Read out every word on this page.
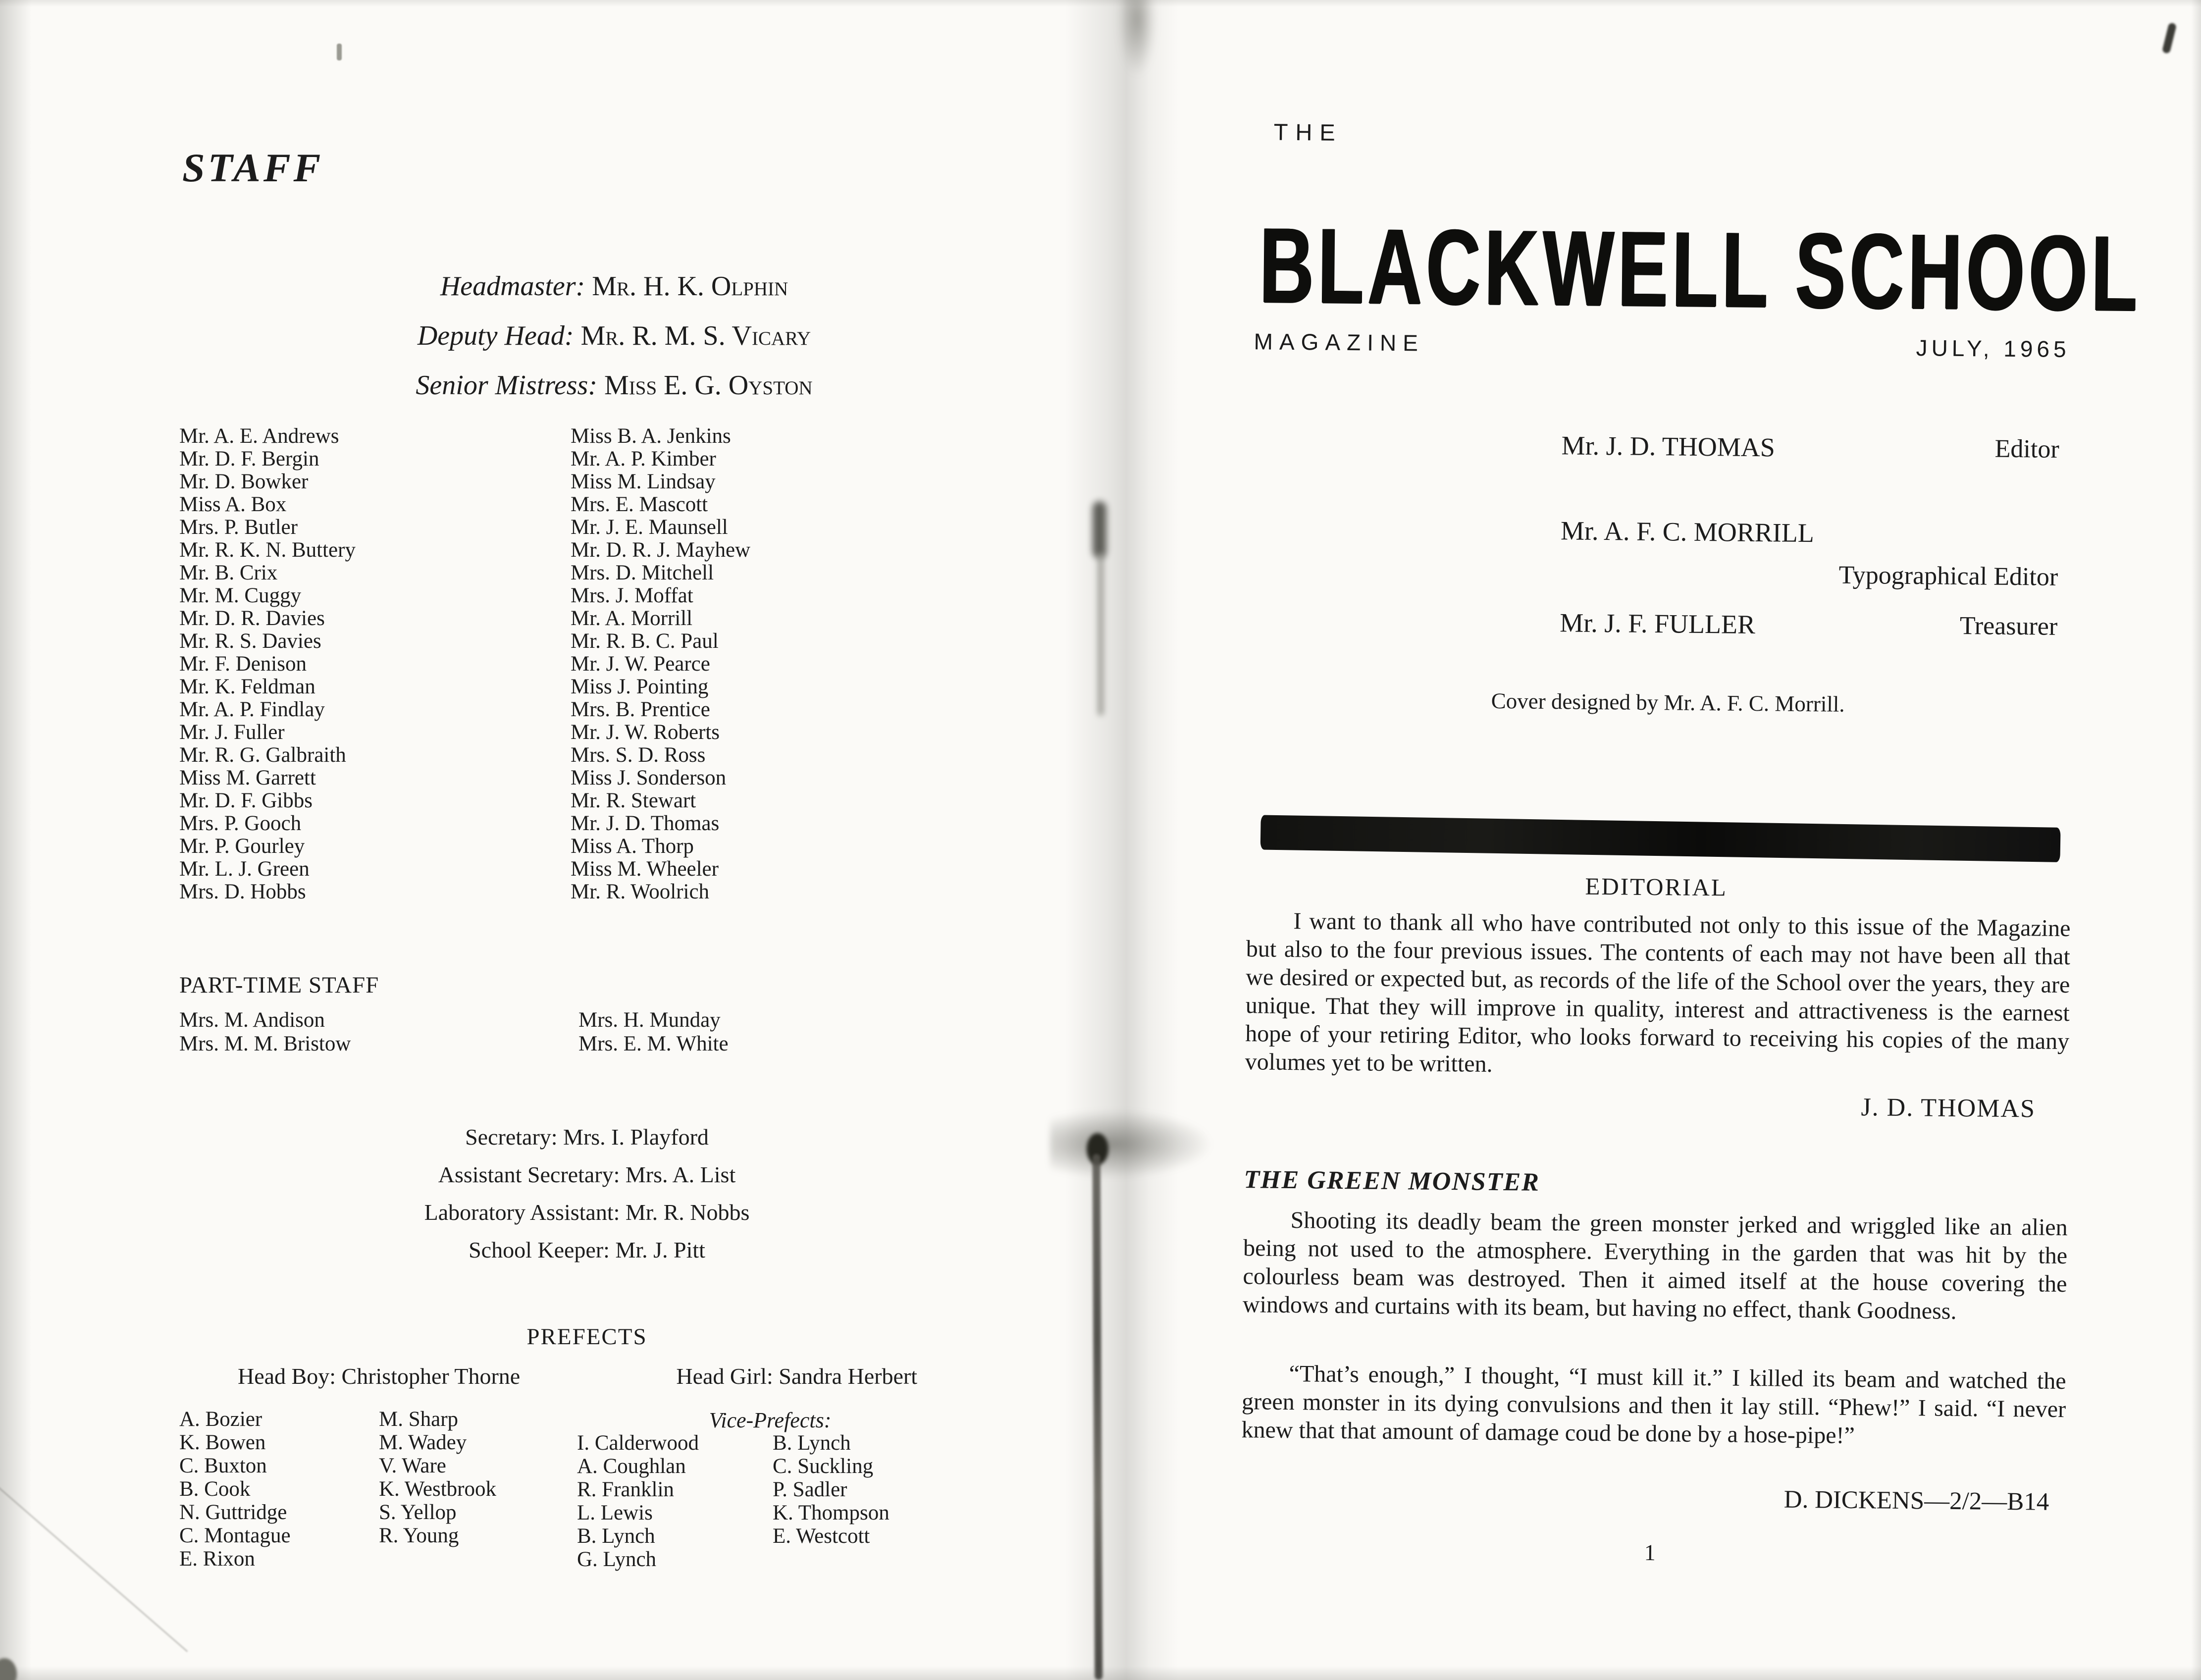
STAFF
Headmaster: Mr. H. K. Olphin
Deputy Head: Mr. R. M. S. Vicary
Senior Mistress: Miss E. G. Oyston
Mr. A. E. Andrews
Mr. D. F. Bergin
Mr. D. Bowker
Miss A. Box
Mrs. P. Butler
Mr. R. K. N. Buttery
Mr. B. Crix
Mr. M. Cuggy
Mr. D. R. Davies
Mr. R. S. Davies
Mr. F. Denison
Mr. K. Feldman
Mr. A. P. Findlay
Mr. J. Fuller
Mr. R. G. Galbraith
Miss M. Garrett
Mr. D. F. Gibbs
Mrs. P. Gooch
Mr. P. Gourley
Mr. L. J. Green
Mrs. D. Hobbs
Miss B. A. Jenkins
Mr. A. P. Kimber
Miss M. Lindsay
Mrs. E. Mascott
Mr. J. E. Maunsell
Mr. D. R. J. Mayhew
Mrs. D. Mitchell
Mrs. J. Moffat
Mr. A. Morrill
Mr. R. B. C. Paul
Mr. J. W. Pearce
Miss J. Pointing
Mrs. B. Prentice
Mr. J. W. Roberts
Mrs. S. D. Ross
Miss J. Sonderson
Mr. R. Stewart
Mr. J. D. Thomas
Miss A. Thorp
Miss M. Wheeler
Mr. R. Woolrich
PART-TIME STAFF
Mrs. M. Andison
Mrs. M. M. Bristow
Mrs. H. Munday
Mrs. E. M. White
Secretary: Mrs. I. Playford
Assistant Secretary: Mrs. A. List
Laboratory Assistant: Mr. R. Nobbs
School Keeper: Mr. J. Pitt
PREFECTS
Head Boy: Christopher Thorne	Head Girl: Sandra Herbert
A. Bozier
K. Bowen
C. Buxton
B. Cook
N. Guttridge
C. Montague
E. Rixon
M. Sharp
M. Wadey
V. Ware
K. Westbrook
S. Yellop
R. Young
Vice-Prefects:
I. Calderwood
A. Coughlan
R. Franklin
L. Lewis
B. Lynch
G. Lynch
B. Lynch
C. Suckling
P. Sadler
K. Thompson
E. Westcott
THE
BLACKWELL SCHOOL
MAGAZINE	JULY, 1965
Mr. J. D. THOMAS	Editor
Mr. A. F. C. MORRILL
Typographical Editor
Mr. J. F. FULLER	Treasurer
Cover designed by Mr. A. F. C. Morrill.
EDITORIAL
I want to thank all who have contributed not only to this issue of the Magazine but also to the four previous issues. The contents of each may not have been all that we desired or expected but, as records of the life of the School over the years, they are unique. That they will improve in quality, interest and attractiveness is the earnest hope of your retiring Editor, who looks forward to receiving his copies of the many volumes yet to be written.
J. D. THOMAS
THE GREEN MONSTER
Shooting its deadly beam the green monster jerked and wriggled like an alien being not used to the atmosphere. Everything in the garden that was hit by the colourless beam was destroyed. Then it aimed itself at the house covering the windows and curtains with its beam, but having no effect, thank Goodness.
“That’s enough,” I thought, “I must kill it.” I killed its beam and watched the green monster in its dying convulsions and then it lay still. “Phew!” I said. “I never knew that that amount of damage coud be done by a hose-pipe!”
D. DICKENS—2/2—B14
1
